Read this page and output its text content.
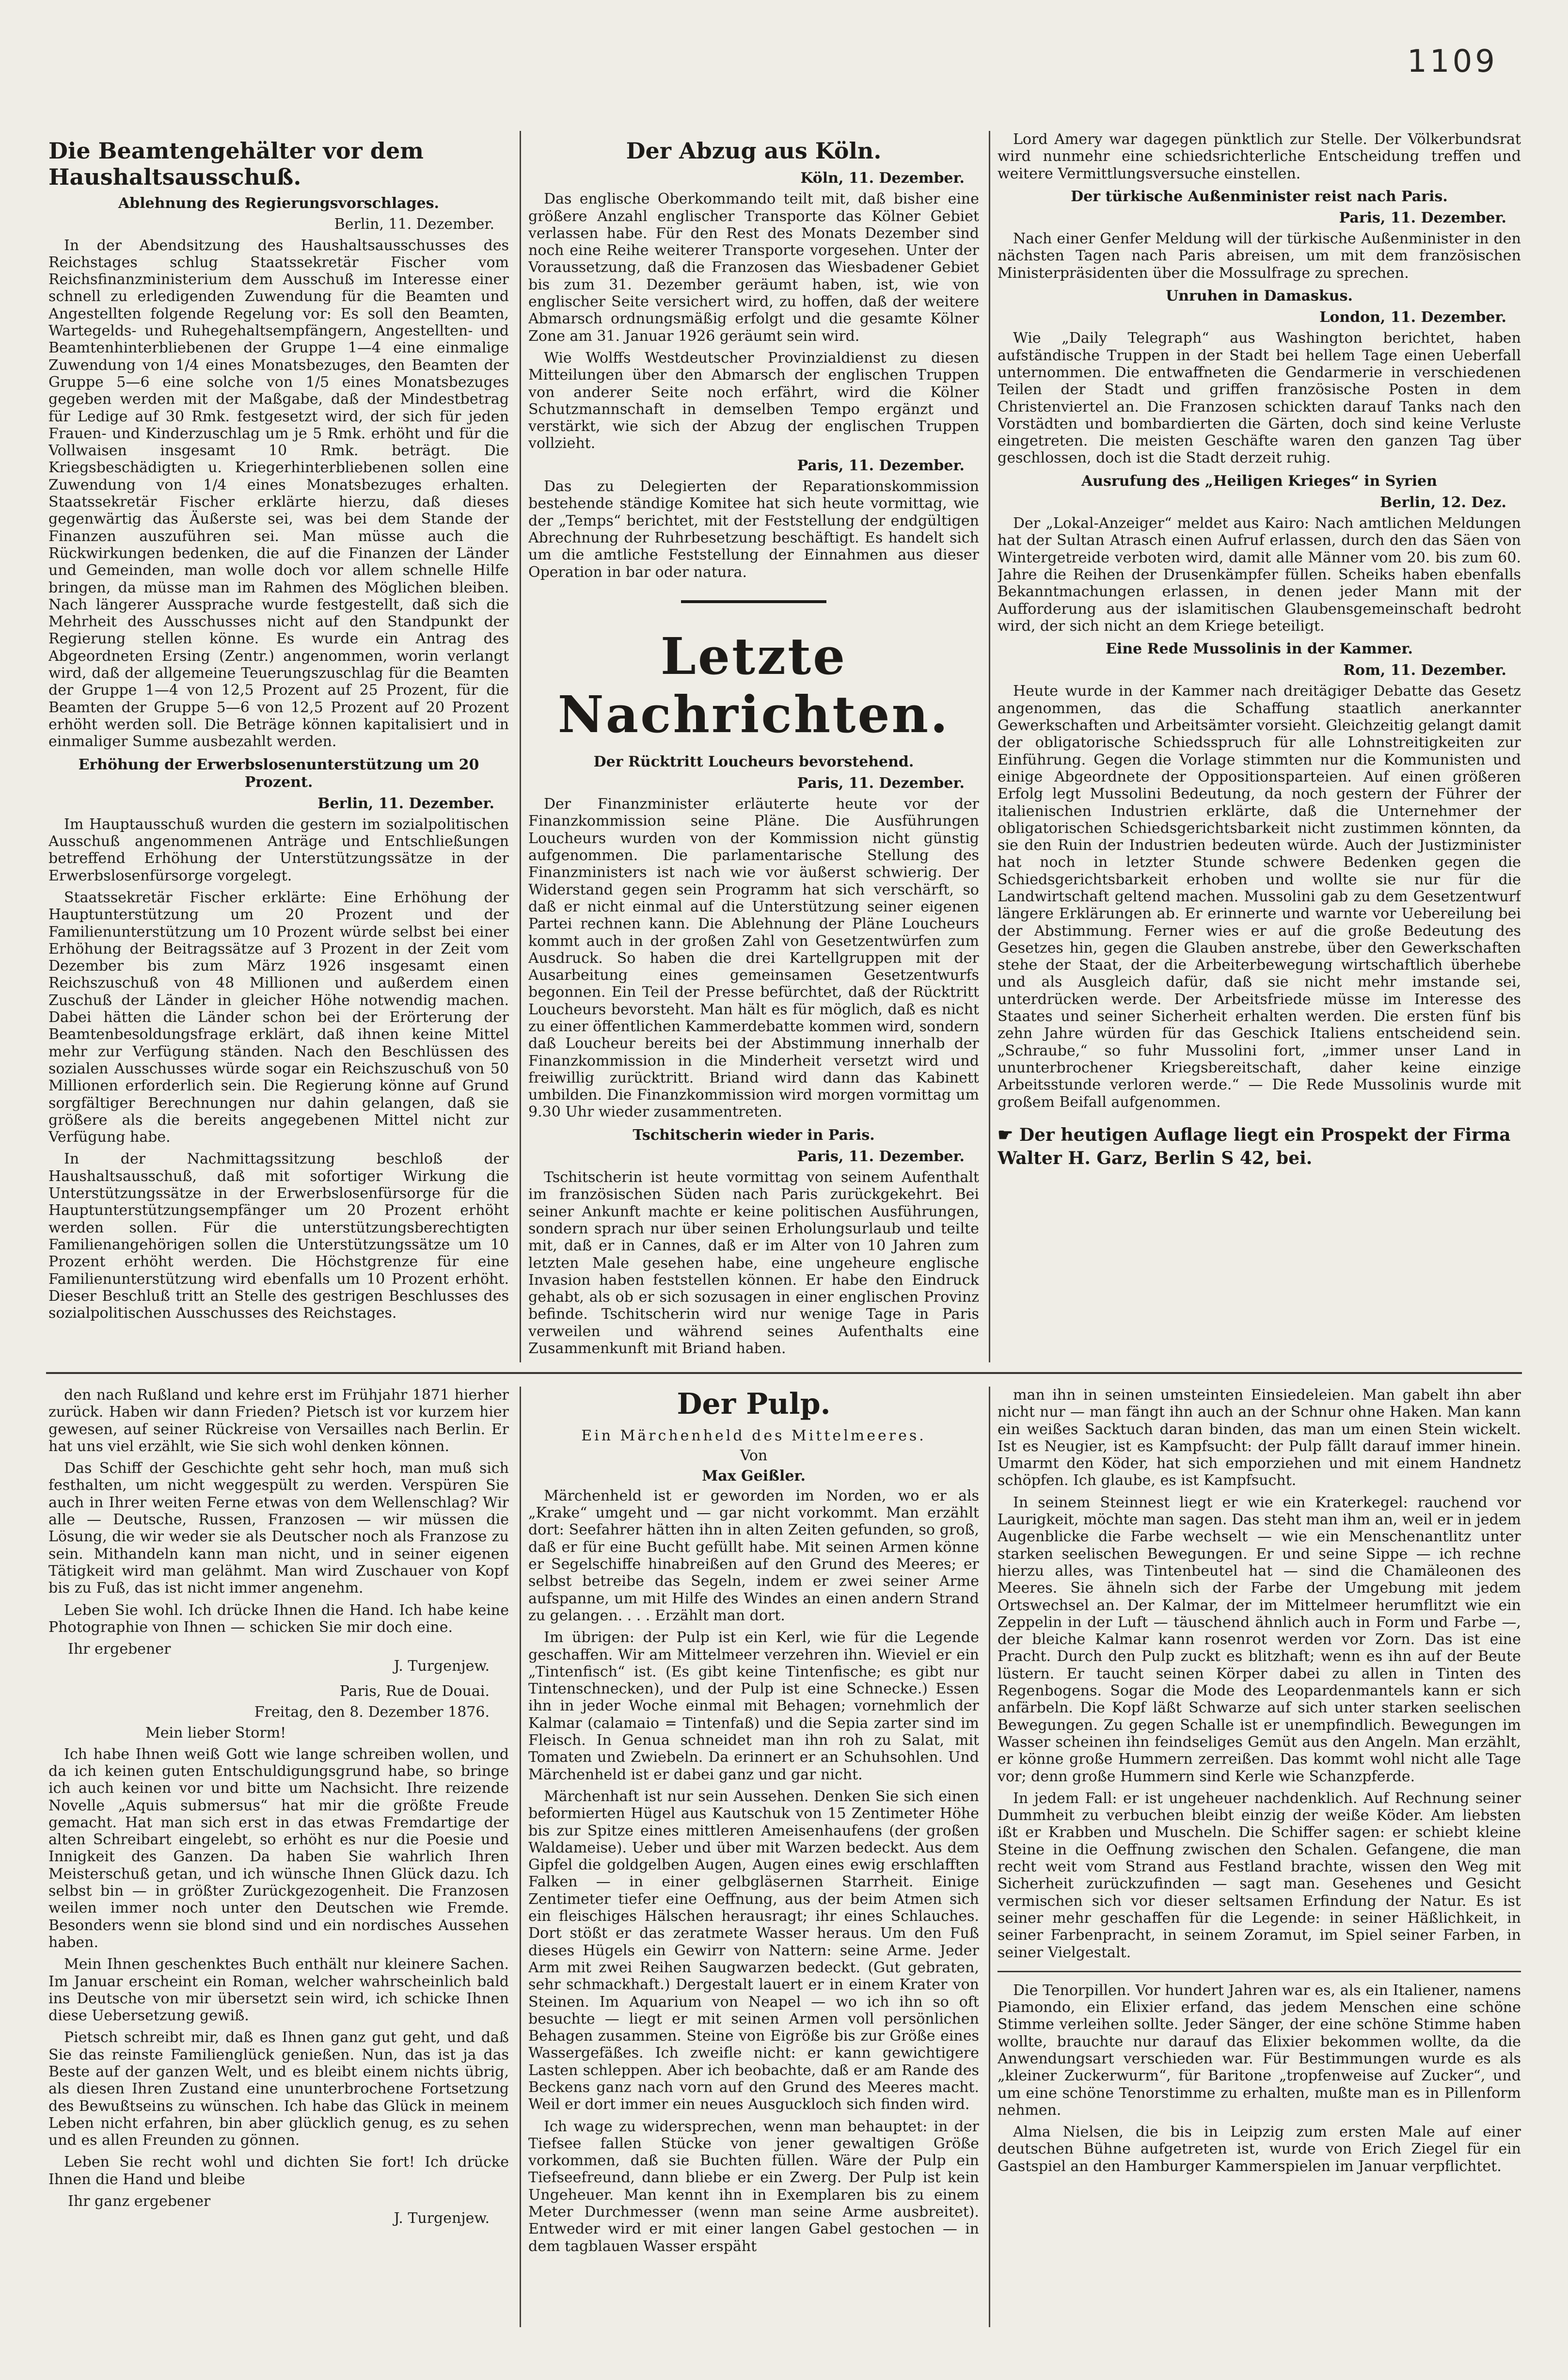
1109
Die Beamtengehälter vor dem Haushaltsausschuß.
Ablehnung des Regierungsvorschlages.
Berlin, 11. Dezember.

In der Abendsitzung des Haushaltsausschusses des Reichstages schlug Staatssekretär Fischer vom Reichsfinanzministerium dem Ausschuß im Interesse einer schnell zu erledigenden Zuwendung für die Beamten und Angestellten folgende Regelung vor: Es soll den Beamten, Wartegelds- und Ruhegehaltsempfängern, Angestellten- und Beamtenhinterbliebenen der Gruppe 1—4 eine einmalige Zuwendung von 1/4 eines Monatsbezuges, den Beamten der Gruppe 5—6 eine solche von 1/5 eines Monatsbezuges gegeben werden mit der Maßgabe, daß der Mindestbetrag für Ledige auf 30 Rmk. festgesetzt wird, der sich für jeden Frauen- und Kinderzuschlag um je 5 Rmk. erhöht und für die Vollwaisen insgesamt 10 Rmk. beträgt. Die Kriegsbeschädigten u. Kriegerhinterbliebenen sollen eine Zuwendung von 1/4 eines Monatsbezuges erhalten. Staatssekretär Fischer erklärte hierzu, daß dieses gegenwärtig das Äußerste sei, was bei dem Stande der Finanzen auszuführen sei. Man müsse auch die Rückwirkungen bedenken, die auf die Finanzen der Länder und Gemeinden, man wolle doch vor allem schnelle Hilfe bringen, da müsse man im Rahmen des Möglichen bleiben. Nach längerer Aussprache wurde festgestellt, daß sich die Mehrheit des Ausschusses nicht auf den Standpunkt der Regierung stellen könne. Es wurde ein Antrag des Abgeordneten Ersing (Zentr.) angenommen, worin verlangt wird, daß der allgemeine Teuerungszuschlag für die Beamten der Gruppe 1—4 von 12,5 Prozent auf 25 Prozent, für die Beamten der Gruppe 5—6 von 12,5 Prozent auf 20 Prozent erhöht werden soll. Die Beträge können kapitalisiert und in einmaliger Summe ausbezahlt werden.

Erhöhung der Erwerbslosenunterstützung um 20 Prozent.
Berlin, 11. Dezember.

Im Hauptausschuß wurden die gestern im sozialpolitischen Ausschuß angenommenen Anträge und Entschließungen betreffend Erhöhung der Unterstützungssätze in der Erwerbslosenfürsorge vorgelegt.

Staatssekretär Fischer erklärte: Eine Erhöhung der Hauptunterstützung um 20 Prozent und der Familienunterstützung um 10 Prozent würde selbst bei einer Erhöhung der Beitragssätze auf 3 Prozent in der Zeit vom Dezember bis zum März 1926 insgesamt einen Reichszuschuß von 48 Millionen und außerdem einen Zuschuß der Länder in gleicher Höhe notwendig machen. Dabei hätten die Länder schon bei der Erörterung der Beamtenbesoldungsfrage erklärt, daß ihnen keine Mittel mehr zur Verfügung ständen. Nach den Beschlüssen des sozialen Ausschusses würde sogar ein Reichszuschuß von 50 Millionen erforderlich sein. Die Regierung könne auf Grund sorgfältiger Berechnungen nur dahin gelangen, daß sie größere als die bereits angegebenen Mittel nicht zur Verfügung habe.

In der Nachmittagssitzung beschloß der Haushaltsausschuß, daß mit sofortiger Wirkung die Unterstützungssätze in der Erwerbslosenfürsorge für die Hauptunterstützungsempfänger um 20 Prozent erhöht werden sollen. Für die unterstützungsberechtigten Familienangehörigen sollen die Unterstützungssätze um 10 Prozent erhöht werden. Die Höchstgrenze für eine Familienunterstützung wird ebenfalls um 10 Prozent erhöht. Dieser Beschluß tritt an Stelle des gestrigen Beschlusses des sozialpolitischen Ausschusses des Reichstages.

Der Abzug aus Köln.
Köln, 11. Dezember.

Das englische Oberkommando teilt mit, daß bisher eine größere Anzahl englischer Transporte das Kölner Gebiet verlassen habe. Für den Rest des Monats Dezember sind noch eine Reihe weiterer Transporte vorgesehen. Unter der Voraussetzung, daß die Franzosen das Wiesbadener Gebiet bis zum 31. Dezember geräumt haben, ist, wie von englischer Seite versichert wird, zu hoffen, daß der weitere Abmarsch ordnungsmäßig erfolgt und die gesamte Kölner Zone am 31. Januar 1926 geräumt sein wird.

Wie Wolffs Westdeutscher Provinzialdienst zu diesen Mitteilungen über den Abmarsch der englischen Truppen von anderer Seite noch erfährt, wird die Kölner Schutzmannschaft in demselben Tempo ergänzt und verstärkt, wie sich der Abzug der englischen Truppen vollzieht.

Paris, 11. Dezember.

Das zu Delegierten der Reparationskommission bestehende ständige Komitee hat sich heute vormittag, wie der „Temps“ berichtet, mit der Feststellung der endgültigen Abrechnung der Ruhrbesetzung beschäftigt. Es handelt sich um die amtliche Feststellung der Einnahmen aus dieser Operation in bar oder natura.

Letzte Nachrichten.
Der Rücktritt Loucheurs bevorstehend.
Paris, 11. Dezember.

Der Finanzminister erläuterte heute vor der Finanzkommission seine Pläne. Die Ausführungen Loucheurs wurden von der Kommission nicht günstig aufgenommen. Die parlamentarische Stellung des Finanzministers ist nach wie vor äußerst schwierig. Der Widerstand gegen sein Programm hat sich verschärft, so daß er nicht einmal auf die Unterstützung seiner eigenen Partei rechnen kann. Die Ablehnung der Pläne Loucheurs kommt auch in der großen Zahl von Gesetzentwürfen zum Ausdruck. So haben die drei Kartellgruppen mit der Ausarbeitung eines gemeinsamen Gesetzentwurfs begonnen. Ein Teil der Presse befürchtet, daß der Rücktritt Loucheurs bevorsteht. Man hält es für möglich, daß es nicht zu einer öffentlichen Kammerdebatte kommen wird, sondern daß Loucheur bereits bei der Abstimmung innerhalb der Finanzkommission in die Minderheit versetzt wird und freiwillig zurücktritt. Briand wird dann das Kabinett umbilden. Die Finanzkommission wird morgen vormittag um 9.30 Uhr wieder zusammentreten.

Tschitscherin wieder in Paris.
Paris, 11. Dezember.

Tschitscherin ist heute vormittag von seinem Aufenthalt im französischen Süden nach Paris zurückgekehrt. Bei seiner Ankunft machte er keine politischen Ausführungen, sondern sprach nur über seinen Erholungsurlaub und teilte mit, daß er in Cannes, daß er im Alter von 10 Jahren zum letzten Male gesehen habe, eine ungeheure englische Invasion haben feststellen können. Er habe den Eindruck gehabt, als ob er sich sozusagen in einer englischen Provinz befinde. Tschitscherin wird nur wenige Tage in Paris verweilen und während seines Aufenthalts eine Zusammenkunft mit Briand haben.

Lord Amery war dagegen pünktlich zur Stelle. Der Völkerbundsrat wird nunmehr eine schiedsrichterliche Entscheidung treffen und weitere Vermittlungsversuche einstellen.

Der türkische Außenminister reist nach Paris.
Paris, 11. Dezember.

Nach einer Genfer Meldung will der türkische Außenminister in den nächsten Tagen nach Paris abreisen, um mit dem französischen Ministerpräsidenten über die Mossulfrage zu sprechen.

Unruhen in Damaskus.
London, 11. Dezember.

Wie „Daily Telegraph“ aus Washington berichtet, haben aufständische Truppen in der Stadt bei hellem Tage einen Ueberfall unternommen. Die entwaffneten die Gendarmerie in verschiedenen Teilen der Stadt und griffen französische Posten in dem Christenviertel an. Die Franzosen schickten darauf Tanks nach den Vorstädten und bombardierten die Gärten, doch sind keine Verluste eingetreten. Die meisten Geschäfte waren den ganzen Tag über geschlossen, doch ist die Stadt derzeit ruhig.

Ausrufung des „Heiligen Krieges“ in Syrien
Berlin, 12. Dez.

Der „Lokal-Anzeiger“ meldet aus Kairo: Nach amtlichen Meldungen hat der Sultan Atrasch einen Aufruf erlassen, durch den das Säen von Wintergetreide verboten wird, damit alle Männer vom 20. bis zum 60. Jahre die Reihen der Drusenkämpfer füllen. Scheiks haben ebenfalls Bekanntmachungen erlassen, in denen jeder Mann mit der Aufforderung aus der islamitischen Glaubensgemeinschaft bedroht wird, der sich nicht an dem Kriege beteiligt.

Eine Rede Mussolinis in der Kammer.
Rom, 11. Dezember.

Heute wurde in der Kammer nach dreitägiger Debatte das Gesetz angenommen, das die Schaffung staatlich anerkannter Gewerkschaften und Arbeitsämter vorsieht. Gleichzeitig gelangt damit der obligatorische Schiedsspruch für alle Lohnstreitigkeiten zur Einführung. Gegen die Vorlage stimmten nur die Kommunisten und einige Abgeordnete der Oppositionsparteien. Auf einen größeren Erfolg legt Mussolini Bedeutung, da noch gestern der Führer der italienischen Industrien erklärte, daß die Unternehmer der obligatorischen Schiedsgerichtsbarkeit nicht zustimmen könnten, da sie den Ruin der Industrien bedeuten würde. Auch der Justizminister hat noch in letzter Stunde schwere Bedenken gegen die Schiedsgerichtsbarkeit erhoben und wollte sie nur für die Landwirtschaft geltend machen. Mussolini gab zu dem Gesetzentwurf längere Erklärungen ab. Er erinnerte und warnte vor Uebereilung bei der Abstimmung. Ferner wies er auf die große Bedeutung des Gesetzes hin, gegen die Glauben anstrebe, über den Gewerkschaften stehe der Staat, der die Arbeiterbewegung wirtschaftlich überhebe und als Ausgleich dafür, daß sie nicht mehr imstande sei, unterdrücken werde. Der Arbeitsfriede müsse im Interesse des Staates und seiner Sicherheit erhalten werden. Die ersten fünf bis zehn Jahre würden für das Geschick Italiens entscheidend sein. „Schraube,“ so fuhr Mussolini fort, „immer unser Land in ununterbrochener Kriegsbereitschaft, daher keine einzige Arbeitsstunde verloren werde.“ — Die Rede Mussolinis wurde mit großem Beifall aufgenommen.

☛ Der heutigen Auflage liegt ein Prospekt der Firma Walter H. Garz, Berlin S 42, bei.

den nach Rußland und kehre erst im Frühjahr 1871 hierher zurück. Haben wir dann Frieden? Pietsch ist vor kurzem hier gewesen, auf seiner Rückreise von Versailles nach Berlin. Er hat uns viel erzählt, wie Sie sich wohl denken können.

Das Schiff der Geschichte geht sehr hoch, man muß sich festhalten, um nicht weggespült zu werden. Verspüren Sie auch in Ihrer weiten Ferne etwas von dem Wellenschlag? Wir alle — Deutsche, Russen, Franzosen — wir müssen die Lösung, die wir weder sie als Deutscher noch als Franzose zu sein. Mithandeln kann man nicht, und in seiner eigenen Tätigkeit wird man gelähmt. Man wird Zuschauer von Kopf bis zu Fuß, das ist nicht immer angenehm.

Leben Sie wohl. Ich drücke Ihnen die Hand. Ich habe keine Photographie von Ihnen — schicken Sie mir doch eine.

Ihr ergebener
J. Turgenjew.
Paris, Rue de Douai.
Freitag, den 8. Dezember 1876.
Mein lieber Storm!

Ich habe Ihnen weiß Gott wie lange schreiben wollen, und da ich keinen guten Entschuldigungsgrund habe, so bringe ich auch keinen vor und bitte um Nachsicht. Ihre reizende Novelle „Aquis submersus“ hat mir die größte Freude gemacht. Hat man sich erst in das etwas Fremdartige der alten Schreibart eingelebt, so erhöht es nur die Poesie und Innigkeit des Ganzen. Da haben Sie wahrlich Ihren Meisterschuß getan, und ich wünsche Ihnen Glück dazu. Ich selbst bin — in größter Zurückgezogenheit. Die Franzosen weilen immer noch unter den Deutschen wie Fremde. Besonders wenn sie blond sind und ein nordisches Aussehen haben.

Mein Ihnen geschenktes Buch enthält nur kleinere Sachen. Im Januar erscheint ein Roman, welcher wahrscheinlich bald ins Deutsche von mir übersetzt sein wird, ich schicke Ihnen diese Uebersetzung gewiß.

Pietsch schreibt mir, daß es Ihnen ganz gut geht, und daß Sie das reinste Familienglück genießen. Nun, das ist ja das Beste auf der ganzen Welt, und es bleibt einem nichts übrig, als diesen Ihren Zustand eine ununterbrochene Fortsetzung des Bewußtseins zu wünschen. Ich habe das Glück in meinem Leben nicht erfahren, bin aber glücklich genug, es zu sehen und es allen Freunden zu gönnen.

Leben Sie recht wohl und dichten Sie fort! Ich drücke Ihnen die Hand und bleibe

Ihr ganz ergebener
J. Turgenjew.
Der Pulp.
Ein Märchenheld des Mittelmeeres.
Von
Max Geißler.

Märchenheld ist er geworden im Norden, wo er als „Krake“ umgeht und — gar nicht vorkommt. Man erzählt dort: Seefahrer hätten ihn in alten Zeiten gefunden, so groß, daß er für eine Bucht gefüllt habe. Mit seinen Armen könne er Segelschiffe hinabreißen auf den Grund des Meeres; er selbst betreibe das Segeln, indem er zwei seiner Arme aufspanne, um mit Hilfe des Windes an einen andern Strand zu gelangen. . . . Erzählt man dort.

Im übrigen: der Pulp ist ein Kerl, wie für die Legende geschaffen. Wir am Mittelmeer verzehren ihn. Wieviel er ein „Tintenfisch“ ist. (Es gibt keine Tintenfische; es gibt nur Tintenschnecken), und der Pulp ist eine Schnecke.) Essen ihn in jeder Woche einmal mit Behagen; vornehmlich der Kalmar (calamaio = Tintenfaß) und die Sepia zarter sind im Fleisch. In Genua schneidet man ihn roh zu Salat, mit Tomaten und Zwiebeln. Da erinnert er an Schuhsohlen. Und Märchenheld ist er dabei ganz und gar nicht.

Märchenhaft ist nur sein Aussehen. Denken Sie sich einen beformierten Hügel aus Kautschuk von 15 Zentimeter Höhe bis zur Spitze eines mittleren Ameisenhaufens (der großen Waldameise). Ueber und über mit Warzen bedeckt. Aus dem Gipfel die goldgelben Augen, Augen eines ewig erschlafften Falken — in einer gelbgläsernen Starrheit. Einige Zentimeter tiefer eine Oeffnung, aus der beim Atmen sich ein fleischiges Hälschen herausragt; ihr eines Schlauches. Dort stößt er das zeratmete Wasser heraus. Um den Fuß dieses Hügels ein Gewirr von Nattern: seine Arme. Jeder Arm mit zwei Reihen Saugwarzen bedeckt. (Gut gebraten, sehr schmackhaft.) Dergestalt lauert er in einem Krater von Steinen. Im Aquarium von Neapel — wo ich ihn so oft besuchte — liegt er mit seinen Armen voll persönlichen Behagen zusammen. Steine von Eigröße bis zur Größe eines Wassergefäßes. Ich zweifle nicht: er kann gewichtigere Lasten schleppen. Aber ich beobachte, daß er am Rande des Beckens ganz nach vorn auf den Grund des Meeres macht. Weil er dort immer ein neues Ausguckloch sich finden wird.

Ich wage zu widersprechen, wenn man behauptet: in der Tiefsee fallen Stücke von jener gewaltigen Größe vorkommen, daß sie Buchten füllen. Wäre der Pulp ein Tiefseefreund, dann bliebe er ein Zwerg. Der Pulp ist kein Ungeheuer. Man kennt ihn in Exemplaren bis zu einem Meter Durchmesser (wenn man seine Arme ausbreitet). Entweder wird er mit einer langen Gabel gestochen — in dem tagblauen Wasser erspäht

man ihn in seinen umsteinten Einsiedeleien. Man gabelt ihn aber nicht nur — man fängt ihn auch an der Schnur ohne Haken. Man kann ein weißes Sacktuch daran binden, das man um einen Stein wickelt. Ist es Neugier, ist es Kampfsucht: der Pulp fällt darauf immer hinein. Umarmt den Köder, hat sich emporziehen und mit einem Handnetz schöpfen. Ich glaube, es ist Kampfsucht.

In seinem Steinnest liegt er wie ein Kraterkegel: rauchend vor Laurigkeit, möchte man sagen. Das steht man ihm an, weil er in jedem Augenblicke die Farbe wechselt — wie ein Menschenantlitz unter starken seelischen Bewegungen. Er und seine Sippe — ich rechne hierzu alles, was Tintenbeutel hat — sind die Chamäleonen des Meeres. Sie ähneln sich der Farbe der Umgebung mit jedem Ortswechsel an. Der Kalmar, der im Mittelmeer herumflitzt wie ein Zeppelin in der Luft — täuschend ähnlich auch in Form und Farbe —, der bleiche Kalmar kann rosenrot werden vor Zorn. Das ist eine Pracht. Durch den Pulp zuckt es blitzhaft; wenn es ihn auf der Beute lüstern. Er taucht seinen Körper dabei zu allen in Tinten des Regenbogens. Sogar die Mode des Leopardenmantels kann er sich anfärbeln. Die Kopf läßt Schwarze auf sich unter starken seelischen Bewegungen. Zu gegen Schalle ist er unempfindlich. Bewegungen im Wasser scheinen ihn feindseliges Gemüt aus den Angeln. Man erzählt, er könne große Hummern zerreißen. Das kommt wohl nicht alle Tage vor; denn große Hummern sind Kerle wie Schanzpferde.

In jedem Fall: er ist ungeheuer nachdenklich. Auf Rechnung seiner Dummheit zu verbuchen bleibt einzig der weiße Köder. Am liebsten ißt er Krabben und Muscheln. Die Schiffer sagen: er schiebt kleine Steine in die Oeffnung zwischen den Schalen. Gefangene, die man recht weit vom Strand aus Festland brachte, wissen den Weg mit Sicherheit zurückzufinden — sagt man. Gesehenes und Gesicht vermischen sich vor dieser seltsamen Erfindung der Natur. Es ist seiner mehr geschaffen für die Legende: in seiner Häßlichkeit, in seiner Farbenpracht, in seinem Zoramut, im Spiel seiner Farben, in seiner Vielgestalt.

Die Tenorpillen. Vor hundert Jahren war es, als ein Italiener, namens Piamondo, ein Elixier erfand, das jedem Menschen eine schöne Stimme verleihen sollte. Jeder Sänger, der eine schöne Stimme haben wollte, brauchte nur darauf das Elixier bekommen wollte, da die Anwendungsart verschieden war. Für Bestimmungen wurde es als „kleiner Zuckerwurm“, für Baritone „tropfenweise auf Zucker“, und um eine schöne Tenorstimme zu erhalten, mußte man es in Pillenform nehmen.

Alma Nielsen, die bis in Leipzig zum ersten Male auf einer deutschen Bühne aufgetreten ist, wurde von Erich Ziegel für ein Gastspiel an den Hamburger Kammerspielen im Januar verpflichtet.
